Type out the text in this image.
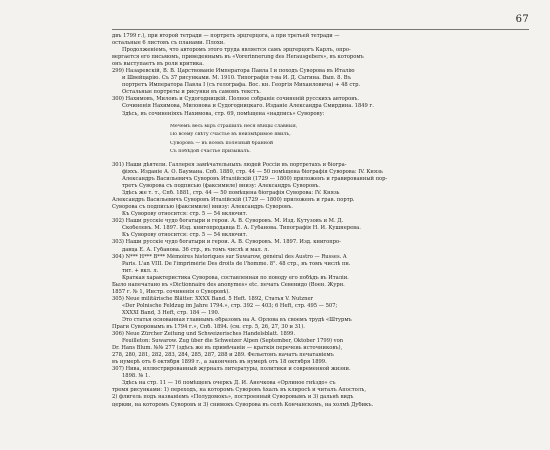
67
двъ 1799 г.), при второй тетради — портреть эрцгерцога, а при третьей тетради —
остальные 6 листовъ съ планами. Плохи.
Продолженіемъ, что авторомъ этого труда является самъ эрцгерцогъ Карлъ, опро-
вергается его письмомъ, приведеннымъ въ «Vorerinnerung des Herausgebers», въ которомъ
онъ выступаетъ въ роли критика.
299) Назаревскій, В. В. Царствованіе Императора Павла I и походъ Суворова въ Италію
и Швейцарію. Съ 37 рисунками. М. 1910. Типографія т-ва И. Д. Сытина. Вып. 8. Въ
портретъ Императора Павла I (съ гелографа. Вос. кн. Георгія Михаиловича) + 48 стр.
Остальные портреты и рисунки въ самомъ текстъ.
300) Нахимовъ, Миловъ и Судогодницкій. Полное собраніе сочиненій русскихъ авторовъ.
Сочиненія Нахимова, Милонова и Судогодницкаго. Изданіе Александра Смирдина. 1849 г.
Здѣсь, въ сочиненіяхъ Нахимова, стр. 69, помѣщена «надпись» Суворову:
Мечемъ весь міръ страшилъ неся вѣнцы славныя,
По всему свѣту счастье въ неизмѣримое явилъ,
Суворовъ — въ всемъ полезный бранной
Съ побѣдой счастье призывалъ.
301) Наши дѣятели. Галлерея замѣчательныхъ людей Россіи въ портретахъ и біогра-
фіяхъ. Изданіе А. О. Баумана. Спб. 1880, стр. 44 — 50 помѣщена біографія Суворова: IV. Князь
Александръ Васильевичъ Суворовъ Италійскій (1729 — 1800) приложенъ и гравированный пор-
третъ Суворова съ подписью (факсимиле) внизу: Александръ Суворовъ.
Здѣсь же т. т., Спб. 1881, стр. 44 — 50 помѣщена біографія Суворова: IV. Князь
Александръ Васильевичъ Суворовъ Италійскій (1729 — 1800) приложенъ и грав. портр.
Суворова съ подписью (факсимиле) внизу: Александръ Суворовъ.
Къ Суворову относится: стр. 5 — 54 включит.
302) Наши русскіе чудо богатыри и герои. А. В. Суворовъ. М. Изд. Кутузовъ и М. Д.
Скобелевъ. М. 1897. Изд. книгопродавца Е. А. Губанова. Типографія Н. И. Кушнерева.
Къ Суворову относится: стр. 5 — 54 включит.
303) Наши русскіе чудо богатыри и герои. А. В. Суворовъ. М. 1897. Изд. книгопро-
давца Е. А. Губанова. 36 стр., въ томъ числѣ и мал. л.
304) N*** H*** B*** Mémoires historiques sur Suwarow, général des Austro — Russes. A
Paris. L'an VIII. De l'imprimérie Des droits de l'homme. 8°. 48 стр., въ томъ числѣ пн.
тит. + вкл. л.
Краткая характеристика Суворова, составленная по поводу его побѣдъ въ Италіи.
Было напечатано въ «Dictionnaire des anonymes» etc. печать Севенидо (Воен. Журн.
1857 г. № 1, Инстр. сочиненія о Суворовѣ).
305) Neue militärische Blätter. XXXX Band. 5 Heft. 1892, Статья V. Nutzner
«Der Polnische Feldzug im Jahre 1794.», стр. 392 — 403; 6 Heft, стр. 495 — 507;
XXXXI Band, 3 Heft, стр. 184 — 190.
Это статья основанная главнымъ образомъ на А. Орлова въ своемъ трудѣ «Штурмъ
Праги Суворовымъ въ 1794 г.», Спб. 1894. (см. стр. 5, 26, 27, 30 и 31).
306) Neue Zürcher Zeitung und Schweizerisches Handelsblatt. 1899.
Feuilleton: Suwarow. Zug über die Schweizer Alpen (September, Oktober 1799) von
Dr. Hans Blum. №№ 277 (здѣсь же въ примѣчаніи — краткія перечень источниковъ),
278, 280, 281, 282, 283, 284, 285, 287, 288 и 289. Фельетонъ начатъ печатаніемъ
въ нумерѣ отъ 6 октября 1899 г., а законченъ въ нумерѣ отъ 18 октября 1899.
307) Нива, иллюстрированный журналъ литературы, политики и современной жизни.
1898. № 1.
Здѣсь на стр. 11 — 16 помѣщенъ очеркъ Д. И. Анечкова «Орлиное гнѣздо» съ
тремя рисунками: 1) переходъ, на которомъ Суворовъ ѣхалъ въ клиросѣ и читалъ Апостолъ,
2) флигель подъ названіемъ «Полудомокъ», построенный Суворовымъ и 3) дальнѣ видъ
церкви, на которомъ Суворовъ и 3) снимокъ Суворова въ селѣ Кончанскомъ, на холмѣ Дубикъ.
